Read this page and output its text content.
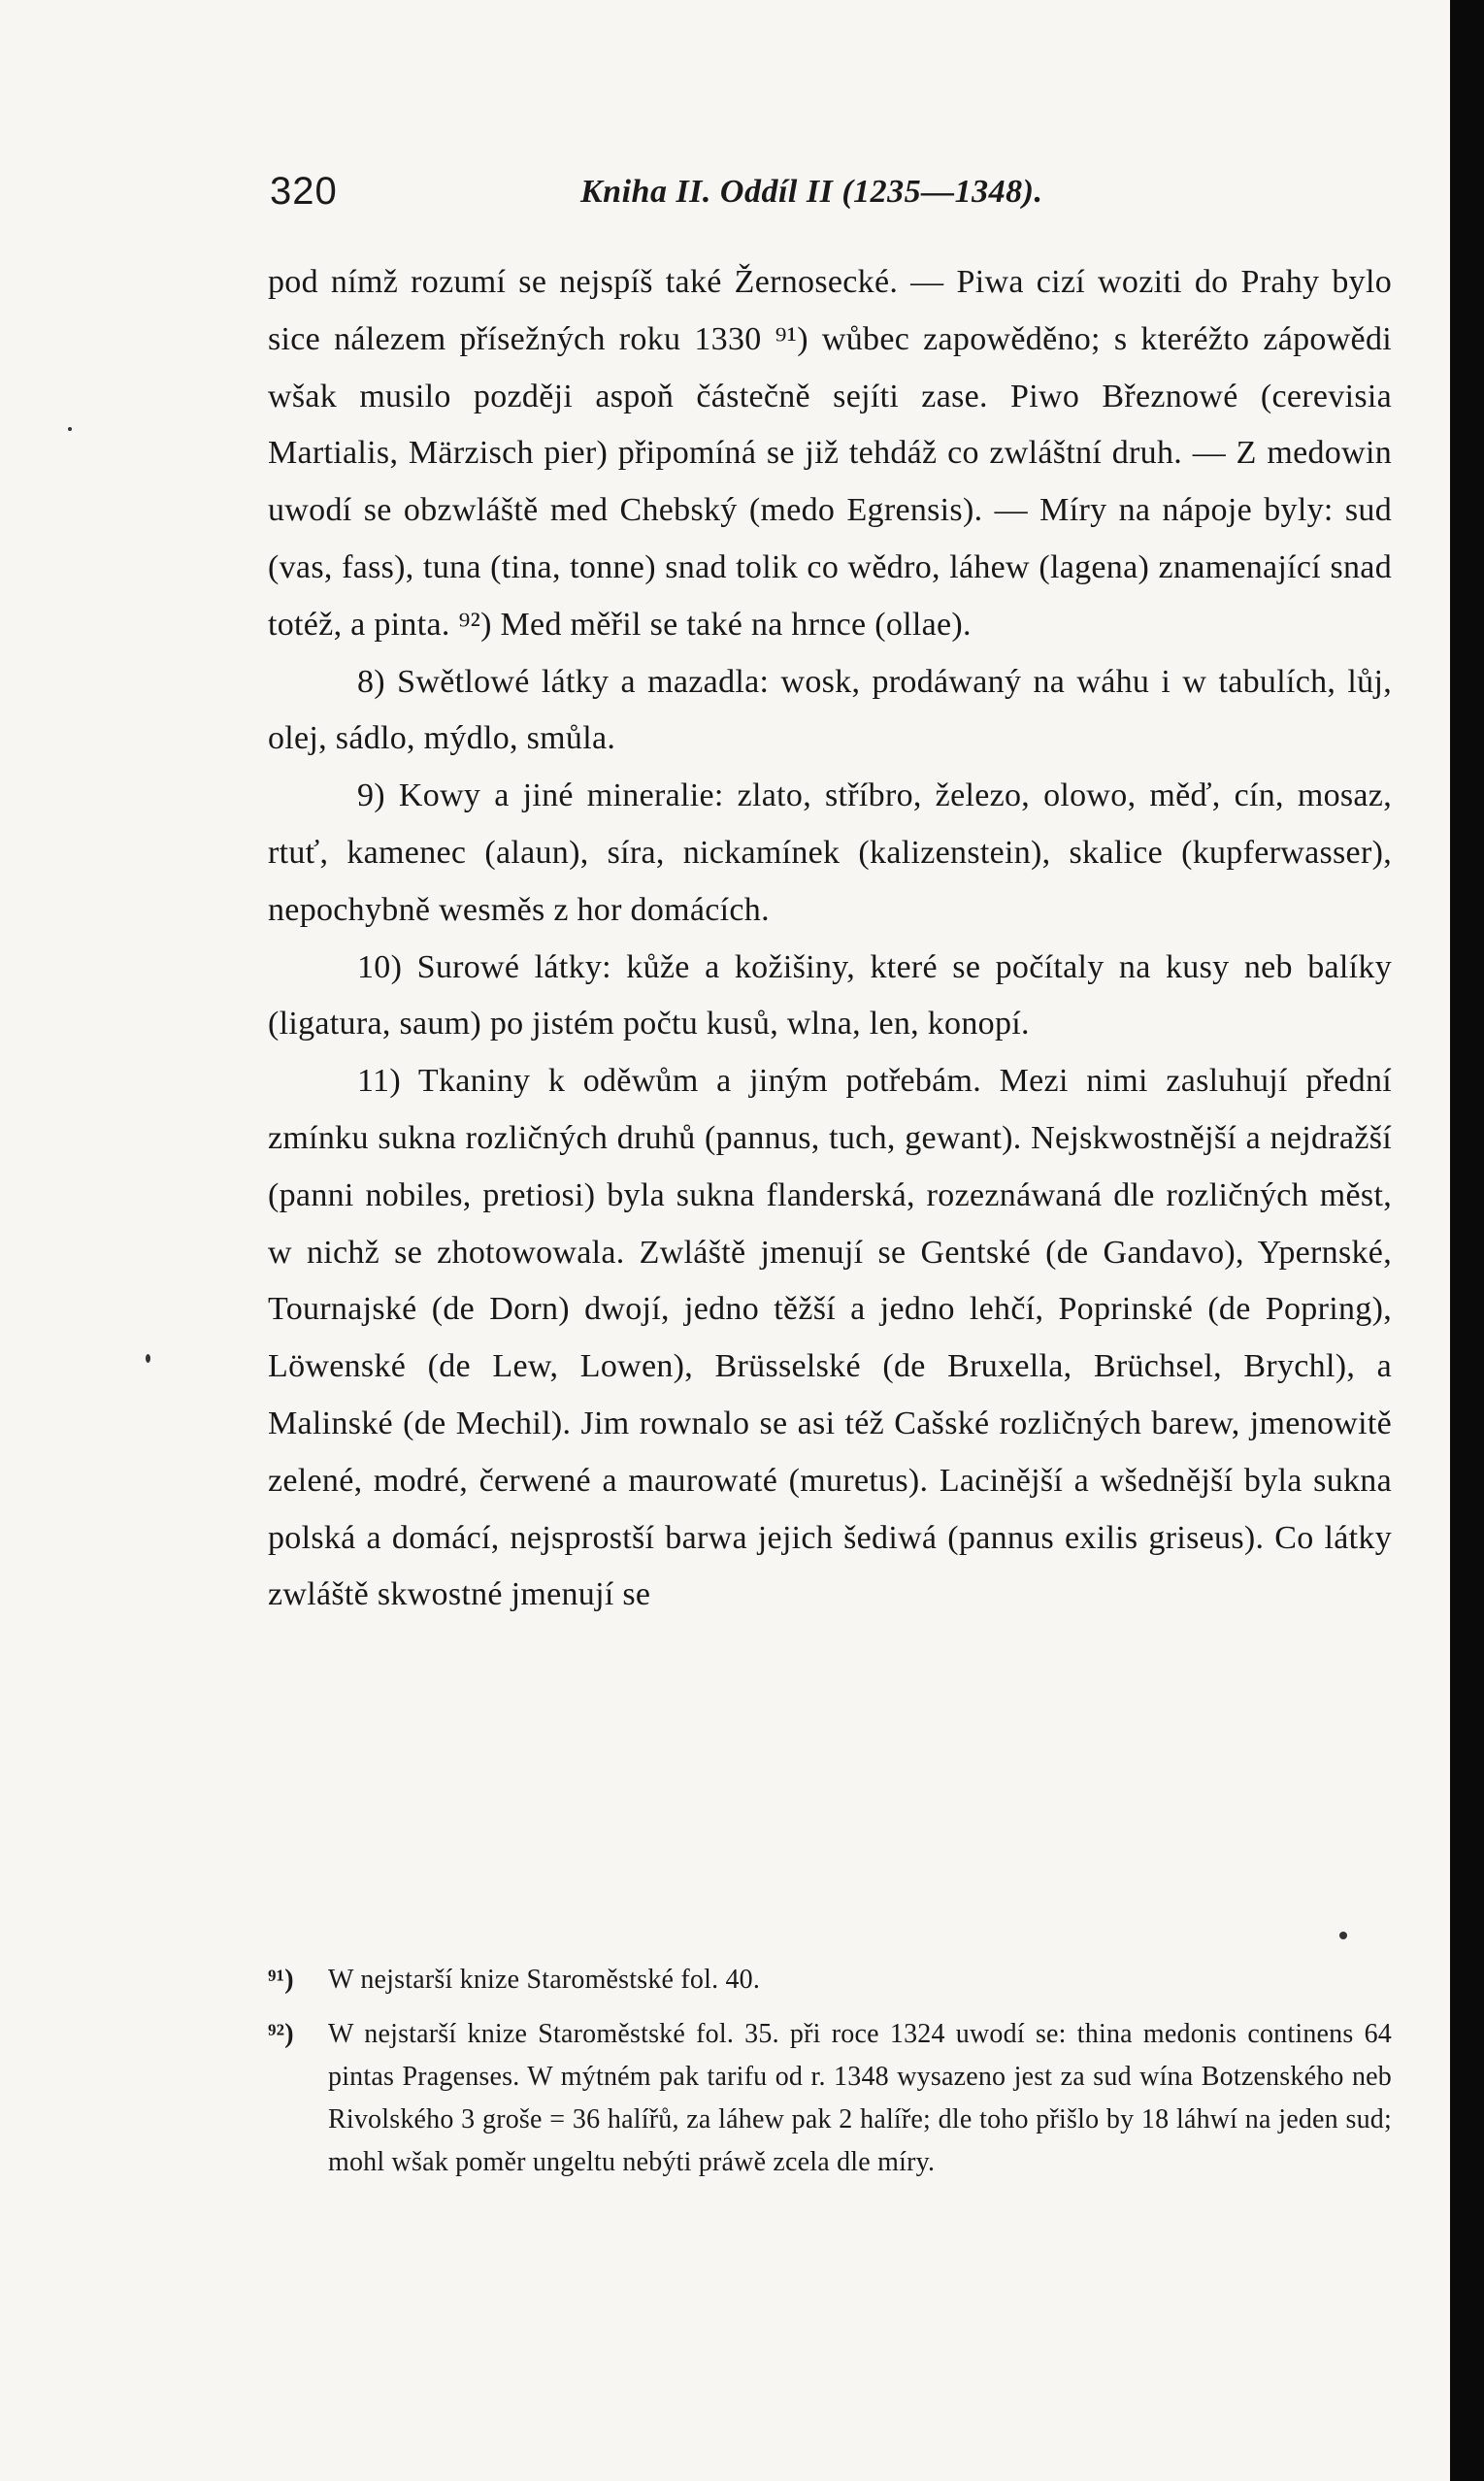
320	Kniha II. Oddíl II (1235—1348).

pod nímž rozumí se nejspíš také Žernosecké. — Piwa cizí woziti do Prahy bylo sice nálezem přísežných roku 1330 ⁹¹) wůbec zapowěděno; s kteréžto zápowědi wšak musilo později aspoň částečně sejíti zase. Piwo Březnowé (cerevisia Martialis, Märzisch pier) připomíná se již tehdáž co zwláštní druh. — Z medowin uwodí se obzwláště med Chebský (medo Egrensis). — Míry na nápoje byly: sud (vas, fass), tuna (tina, tonne) snad tolik co wědro, láhew (lagena) znamenající snad totéž, a pinta. ⁹²) Med měřil se také na hrnce (ollae).

8) Swětlowé látky a mazadla: wosk, prodáwaný na wáhu i w tabulích, lůj, olej, sádlo, mýdlo, smůla.

9) Kowy a jiné mineralie: zlato, stříbro, železo, olowo, měď, cín, mosaz, rtuť, kamenec (alaun), síra, nickamínek (kalizenstein), skalice (kupferwasser), nepochybně wesměs z hor domácích.

10) Surowé látky: kůže a kožišiny, které se počítaly na kusy neb balíky (ligatura, saum) po jistém počtu kusů, wlna, len, konopí.

11) Tkaniny k oděwům a jiným potřebám. Mezi nimi zasluhují přední zmínku sukna rozličných druhů (pannus, tuch, gewant). Nejskwostnější a nejdražší (panni nobiles, pretiosi) byla sukna flanderská, rozeznáwaná dle rozličných měst, w nichž se zhotowowala. Zwláště jmenují se Gentské (de Gandavo), Ypernské, Tournajské (de Dorn) dwojí, jedno těžší a jedno lehčí, Poprinské (de Popring), Löwenské (de Lew, Lowen), Brüsselské (de Bruxella, Brüchsel, Brychl), a Malinské (de Mechil). Jim rownalo se asi též Cašské rozličných barew, jmenowitě zelené, modré, čerwené a maurowaté (muretus). Lacinější a wšednější byla sukna polská a domácí, nejsprostší barwa jejich šediwá (pannus exilis griseus). Co látky zwláště skwostné jmenují se

⁹¹) W nejstarší knize Staroměstské fol. 40.
⁹²) W nejstarší knize Staroměstské fol. 35. při roce 1324 uwodí se: thina medonis continens 64 pintas Pragenses. W mýtném pak tarifu od r. 1348 wysazeno jest za sud wína Botzenského neb Rivolského 3 groše = 36 halířů, za láhew pak 2 halíře; dle toho přišlo by 18 láhwí na jeden sud; mohl wšak poměr ungeltu nebýti práwě zcela dle míry.
